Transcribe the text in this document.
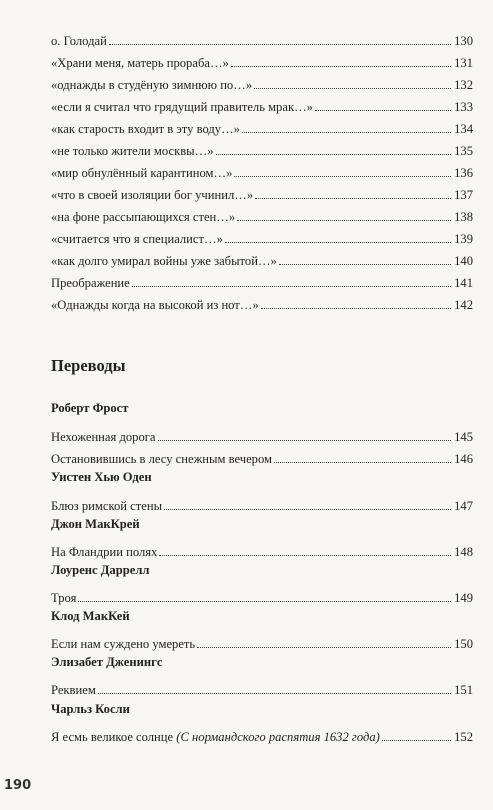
о. Голодай	130
«Храни меня, матерь прораба…»	131
«однажды в студёную зимнюю по…»	132
«если я считал что грядущий правитель мрак…»	133
«как старость входит в эту воду…»	134
«не только жители москвы…»	135
«мир обнулённый карантином…»	136
«что в своей изоляции бог учинил…»	137
«на фоне рассыпающихся стен…»	138
«считается что я специалист…»	139
«как долго умирал войны уже забытой…»	140
Преображение	141
«Однажды когда на высокой из нот…»	142
Переводы
Роберт Фрост
Нехоженная дорога	145
Остановившись в лесу снежным вечером	146
Уистен Хью Оден
Блюз римской стены	147
Джон МакКрей
На Фландрии полях	148
Лоуренс Даррелл
Троя	149
Клод МакКей
Если нам суждено умереть	150
Элизабет Дженингс
Реквием	151
Чарльз Косли
Я есмь великое солнце (С нормандского распятия 1632 года)	152
190
